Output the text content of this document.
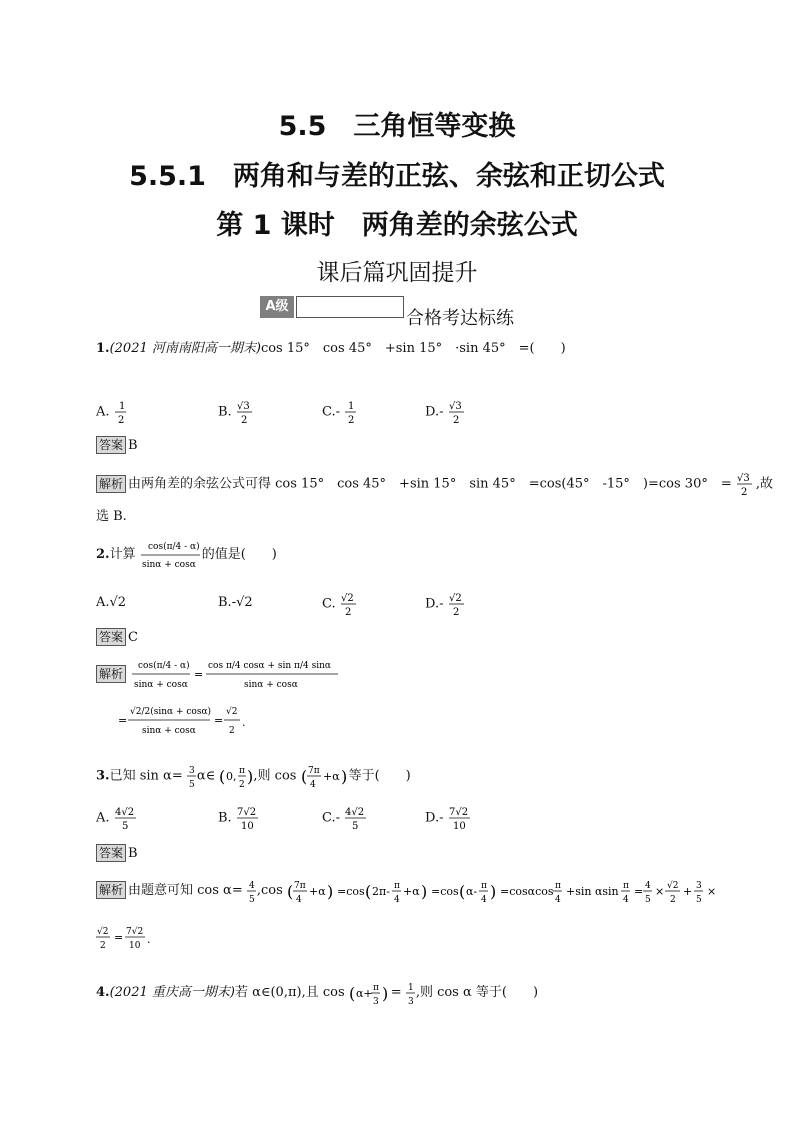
5.5　三角恒等变换
5.5.1　两角和与差的正弦、余弦和正切公式
第 1 课时　两角差的余弦公式
课后篇巩固提升
A级
合格考达标练
1.(2021 河南南阳高一期末)cos 15°　cos 45°　+sin 15°　·sin 45°　=(　　)
A. 1
2
B. √3
2
C.- 1
2
D.- √3
2
答案 B
解析 由两角差的余弦公式可得 cos 15°　cos 45°　+sin 15°　sin 45°　=cos(45°　-15°　)=cos 30°　= √3
2
,故
选 B.
2.计算
cos(π/4 - α)
sinα + cosα
的值是(　　)
A.√2	B.-√2	C. √2
2
D.- √2
2
答案 C
解析
cos(π/4 - α)
sinα + cosα
=
cos π/4 cosα + sin π/4 sinα
sinα + cosα
=
√2/2(sinα + cosα)
sinα + cosα
=
√2
2
.
3.已知 sin α= 3
5
α∈ ( 0, π
2 ) ,则 cos ( 7π
4
+α ) 等于(　　)
A. 4√2
5
B. 7√2
10
C.- 4√2
5
D.- 7√2
10
答案 B
解析 由题意可知 cos α= 4
5
,cos ( 7π
4
+α ) =cos ( 2π- π
4
+α ) =cos ( α- π
4 ) =cosαcos π
4
+sin αsin π
4
= 4
5
× √2
2
+ 3
5
×
√2
2
= 7√2
10 .
4.(2021 重庆高一期末)若 α∈(0,π),且 cos ( α+ π
3 ) = 1
3
,则 cos α 等于(　　)
